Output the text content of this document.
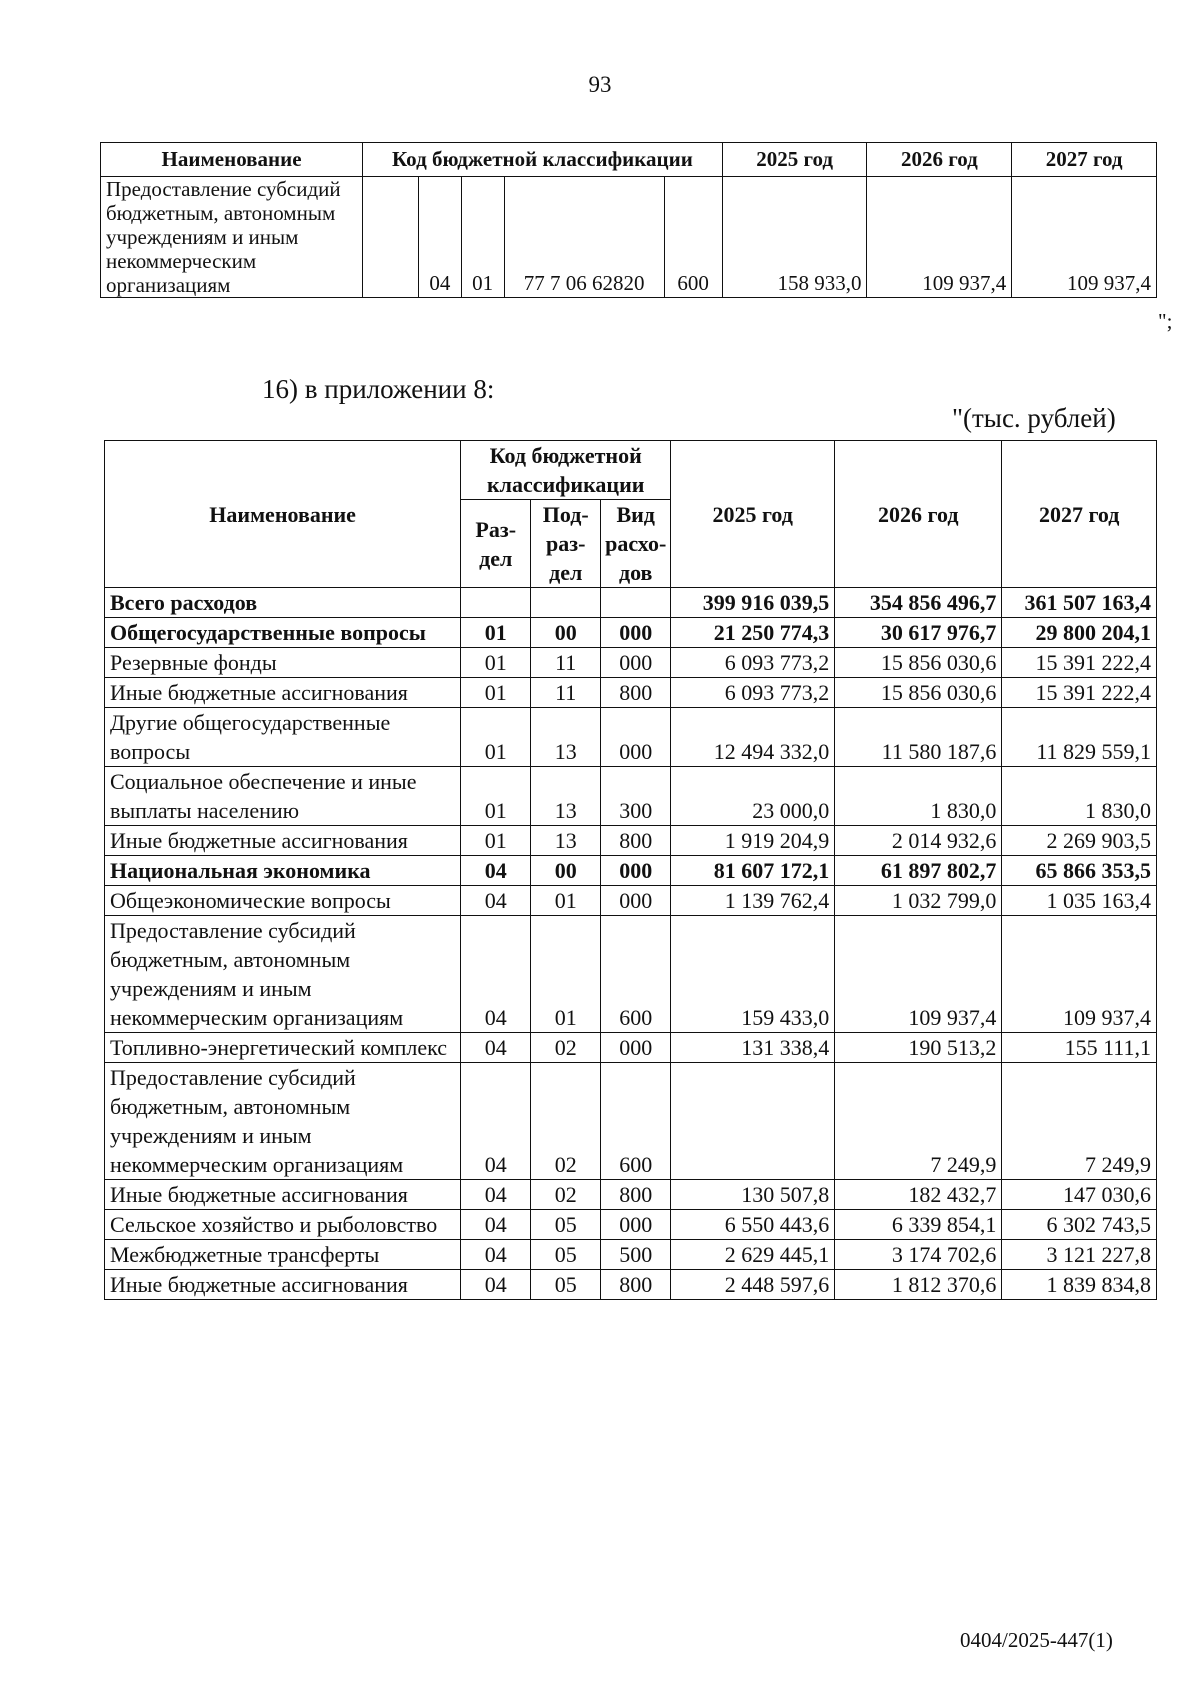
93
Наименование	Код бюджетной классификации					2025 год	2026 год	2027 год
Предоставление субсидий бюджетным, автономным учреждениям и иным некоммерческим организациям		04	01	77 7 06 62820	600	158 933,0	109 937,4	109 937,4
";
16) в приложении 8:
"(тыс. рублей)
Наименование	Код бюджетной классификации			2025 год	2026 год	2027 год
	Раз-дел	Под-раз-дел	Вид расхо-дов			
Всего расходов				399 916 039,5	354 856 496,7	361 507 163,4
Общегосударственные вопросы	01	00	000	21 250 774,3	30 617 976,7	29 800 204,1
Резервные фонды	01	11	000	6 093 773,2	15 856 030,6	15 391 222,4
Иные бюджетные ассигнования	01	11	800	6 093 773,2	15 856 030,6	15 391 222,4
Другие общегосударственные вопросы	01	13	000	12 494 332,0	11 580 187,6	11 829 559,1
Социальное обеспечение и иные выплаты населению	01	13	300	23 000,0	1 830,0	1 830,0
Иные бюджетные ассигнования	01	13	800	1 919 204,9	2 014 932,6	2 269 903,5
Национальная экономика	04	00	000	81 607 172,1	61 897 802,7	65 866 353,5
Общеэкономические вопросы	04	01	000	1 139 762,4	1 032 799,0	1 035 163,4
Предоставление субсидий бюджетным, автономным учреждениям и иным некоммерческим организациям	04	01	600	159 433,0	109 937,4	109 937,4
Топливно-энергетический комплекс	04	02	000	131 338,4	190 513,2	155 111,1
Предоставление субсидий бюджетным, автономным учреждениям и иным некоммерческим организациям	04	02	600		7 249,9	7 249,9
Иные бюджетные ассигнования	04	02	800	130 507,8	182 432,7	147 030,6
Сельское хозяйство и рыболовство	04	05	000	6 550 443,6	6 339 854,1	6 302 743,5
Межбюджетные трансферты	04	05	500	2 629 445,1	3 174 702,6	3 121 227,8
Иные бюджетные ассигнования	04	05	800	2 448 597,6	1 812 370,6	1 839 834,8
0404/2025-447(1)
